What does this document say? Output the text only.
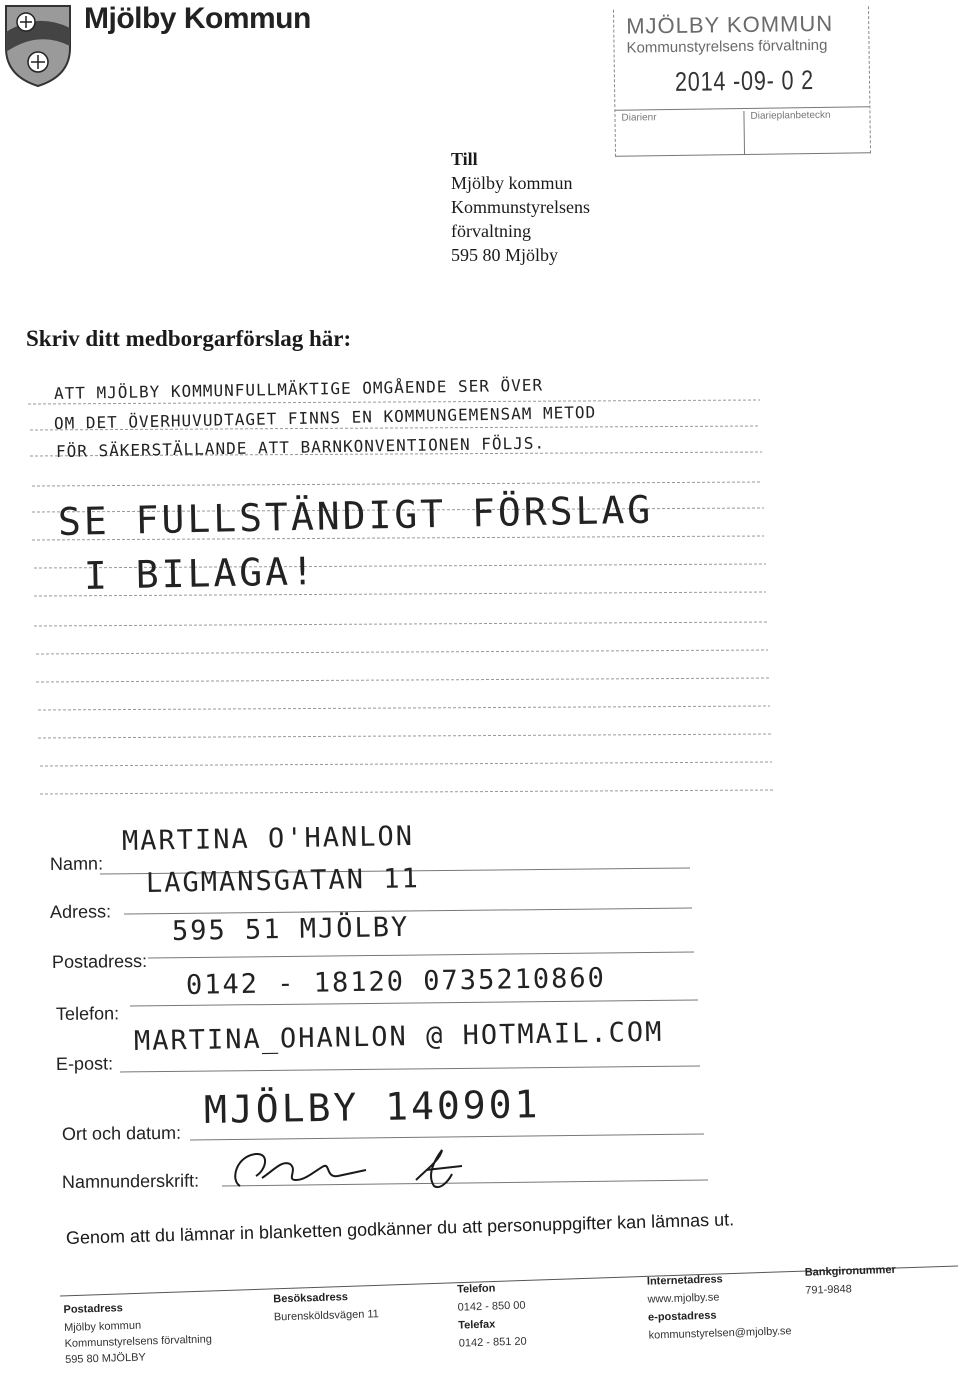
Mjölby Kommun	MJÖLBY KOMMUN
Kommunstyrelsens förvaltning
2014 -09- 0 2
Diarienr	Diarieplanbeteckn
Till
Mjölby kommun
Kommunstyrelsens
förvaltning
595 80 Mjölby
Skriv ditt medborgarförslag här:
ATT MJÖLBY KOMMUNFULLMÄKTIGE OMGÅENDE SER ÖVER
OM DET ÖVERHUVUDTAGET FINNS EN KOMMUNGEMENSAM METOD
FÖR SÄKERSTÄLLANDE ATT BARNKONVENTIONEN FÖLJS.
SE FULLSTÄNDIGT FÖRSLAG
I BILAGA!
Namn:
MARTINA O'HANLON
Adress:
LAGMANSGATAN 11
Postadress:
595 51 MJÖLBY
Telefon:
0142 - 18120 0735210860
E-post:
MARTINA_OHANLON @ HOTMAIL.COM
Ort och datum:
MJÖLBY 140901
Namnunderskrift:
Genom att du lämnar in blanketten godkänner du att personuppgifter kan lämnas ut.
Postadress
Mjölby kommun
Kommunstyrelsens förvaltning
595 80 MJÖLBY
Besöksadress
Burensköldsvägen 11
Telefon
0142 - 850 00
Telefax
0142 - 851 20
Internetadress
www.mjolby.se
e-postadress
kommunstyrelsen@mjolby.se
Bankgironummer
791-9848
